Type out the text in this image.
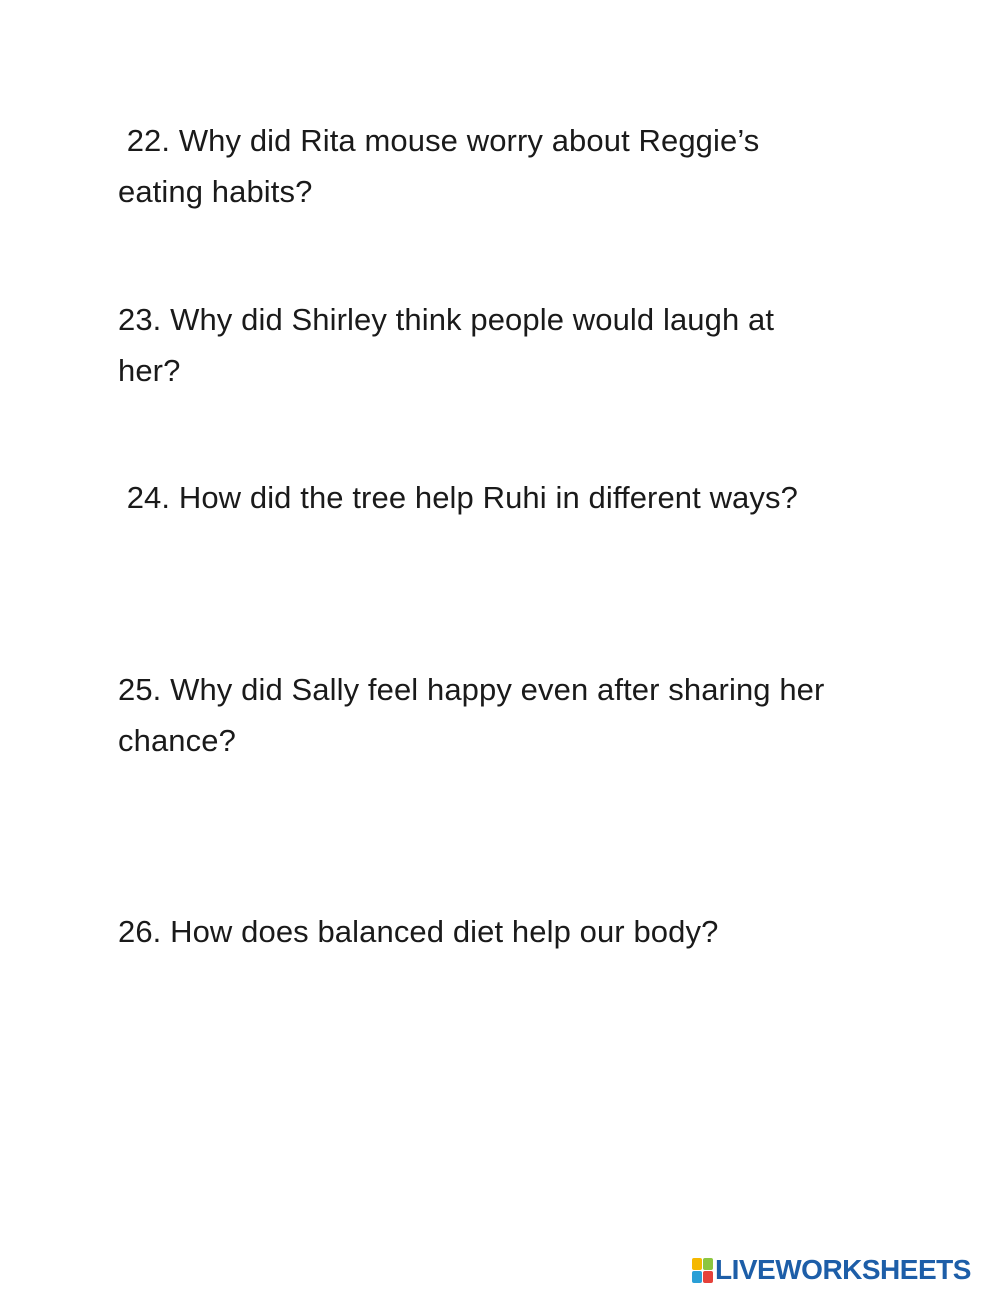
22. Why did Rita mouse worry about Reggie’s
eating habits?

23. Why did Shirley think people would laugh at
her?

24. How did the tree help Ruhi in different ways?

25. Why did Sally feel happy even after sharing her
chance?

26. How does balanced diet help our body?

LIVEWORKSHEETS
